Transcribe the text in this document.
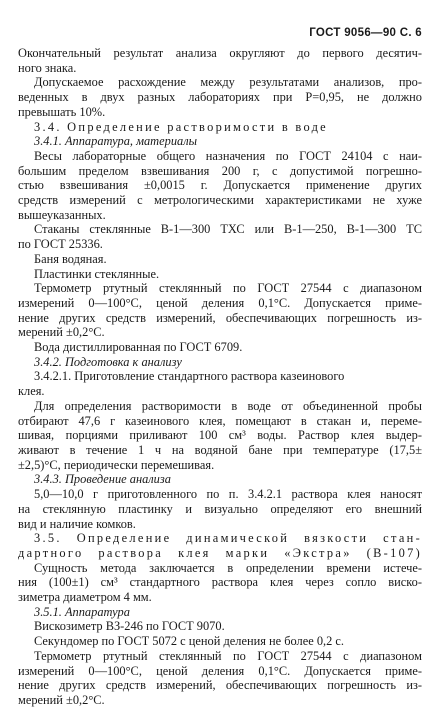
ГОСТ 9056—90 С. 6
Окончательный результат анализа округляют до первого десятич-
ного знака.
Допускаемое расхождение между результатами анализов, про-
веденных в двух разных лабораториях при P=0,95, не должно
превышать 10%.
3.4. Определение растворимости в воде
3.4.1. Аппаратура, материалы
Весы лабораторные общего назначения по ГОСТ 24104 с наи-
большим пределом взвешивания 200 г, с допустимой погрешно-
стью взвешивания ±0,0015 г. Допускается применение других
средств измерений с метрологическими характеристиками не хуже
вышеуказанных.
Стаканы стеклянные В-1—300 ТХС или В-1—250, В-1—300 ТС
по ГОСТ 25336.
Баня водяная.
Пластинки стеклянные.
Термометр ртутный стеклянный по ГОСТ 27544 с диапазоном
измерений 0—100°С, ценой деления 0,1°С. Допускается приме-
нение других средств измерений, обеспечивающих погрешность из-
мерений ±0,2°С.
Вода дистиллированная по ГОСТ 6709.
3.4.2. Подготовка к анализу
3.4.2.1. Приготовление стандартного раствора казеинового
клея.
Для определения растворимости в воде от объединенной пробы
отбирают 47,6 г казеинового клея, помещают в стакан и, переме-
шивая, порциями приливают 100 см³ воды. Раствор клея выдер-
живают в течение 1 ч на водяной бане при температуре (17,5±
±2,5)°С, периодически перемешивая.
3.4.3. Проведение анализа
5,0—10,0 г приготовленного по п. 3.4.2.1 раствора клея наносят
на стеклянную пластинку и визуально определяют его внешний
вид и наличие комков.
3.5. Определение динамической вязкости стан-
дартного раствора клея марки «Экстра» (В-107)
Сущность метода заключается в определении времени истече-
ния (100±1) см³ стандартного раствора клея через сопло виско-
зиметра диаметром 4 мм.
3.5.1. Аппаратура
Вискозиметр ВЗ-246 по ГОСТ 9070.
Секундомер по ГОСТ 5072 с ценой деления не более 0,2 с.
Термометр ртутный стеклянный по ГОСТ 27544 с диапазоном
измерений 0—100°С, ценой деления 0,1°С. Допускается приме-
нение других средств измерений, обеспечивающих погрешность из-
мерений ±0,2°С.
